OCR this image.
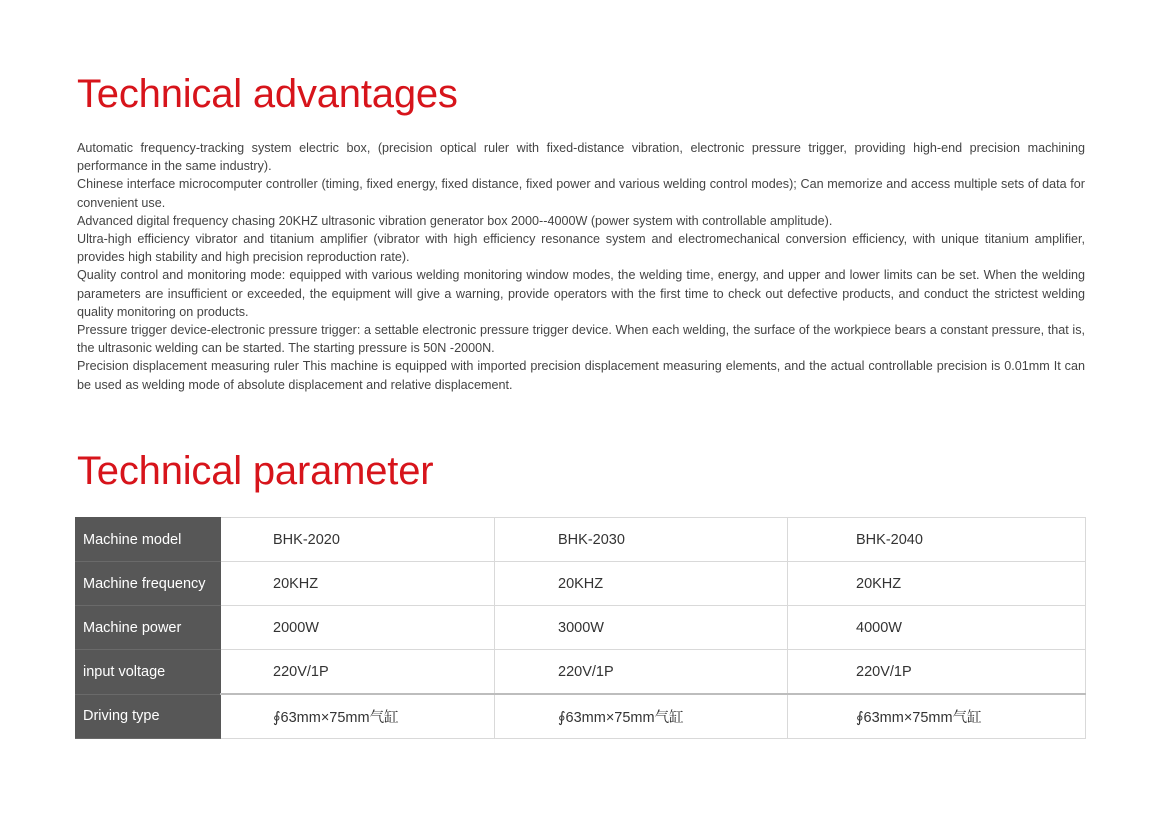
Technical advantages
Automatic frequency-tracking system electric box, (precision optical ruler with fixed-distance vibration, electronic pressure trigger, providing high-end precision machining performance in the same industry).
Chinese interface microcomputer controller (timing, fixed energy, fixed distance, fixed power and various welding control modes); Can memorize and access multiple sets of data for convenient use.
Advanced digital frequency chasing 20KHZ ultrasonic vibration generator box 2000--4000W (power system with controllable amplitude).
Ultra-high efficiency vibrator and titanium amplifier (vibrator with high efficiency resonance system and electromechanical conversion efficiency, with unique titanium amplifier, provides high stability and high precision reproduction rate).
Quality control and monitoring mode: equipped with various welding monitoring window modes, the welding time, energy, and upper and lower limits can be set. When the welding parameters are insufficient or exceeded, the equipment will give a warning, provide operators with the first time to check out defective products, and conduct the strictest welding quality monitoring on products.
Pressure trigger device-electronic pressure trigger: a settable electronic pressure trigger device. When each welding, the surface of the workpiece bears a constant pressure, that is, the ultrasonic welding can be started. The starting pressure is 50N -2000N.
Precision displacement measuring ruler This machine is equipped with imported precision displacement measuring elements, and the actual controllable precision is 0.01mm It can be used as welding mode of absolute displacement and relative displacement.
Technical parameter
Machine model	BHK-2020	BHK-2030	BHK-2040
Machine frequency	20KHZ	20KHZ	20KHZ
Machine power	2000W	3000W	4000W
input voltage	220V/1P	220V/1P	220V/1P
Driving type	∮63mm×75mm气缸	∮63mm×75mm气缸	∮63mm×75mm气缸
